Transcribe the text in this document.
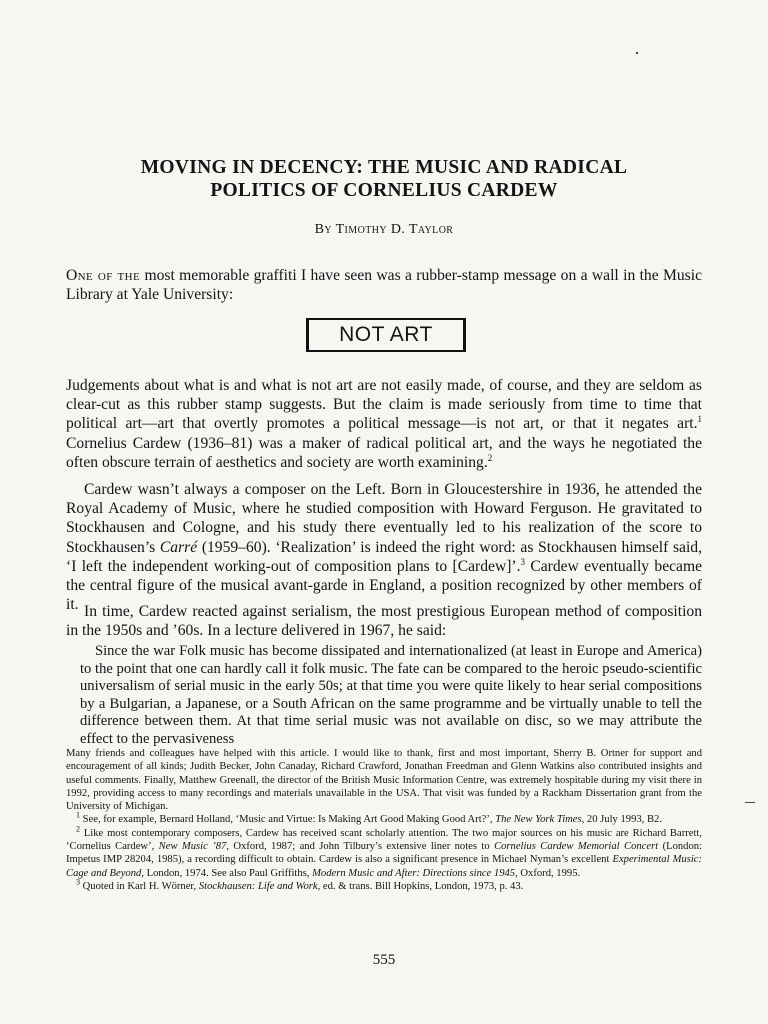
MOVING IN DECENCY: THE MUSIC AND RADICAL
POLITICS OF CORNELIUS CARDEW
By Timothy D. Taylor

One of the most memorable graffiti I have seen was a rubber-stamp message on a wall in the Music Library at Yale University:

NOT ART

Judgements about what is and what is not art are not easily made, of course, and they are seldom as clear-cut as this rubber stamp suggests. But the claim is made seriously from time to time that political art—art that overtly promotes a political message—is not art, or that it negates art.$^1$ Cornelius Cardew (1936–81) was a maker of radical political art, and the ways he negotiated the often obscure terrain of aesthetics and society are worth examining.$^2$

Cardew wasn’t always a composer on the Left. Born in Gloucestershire in 1936, he attended the Royal Academy of Music, where he studied composition with Howard Ferguson. He gravitated to Stockhausen and Cologne, and his study there eventually led to his realization of the score to Stockhausen’s Carré (1959–60). ‘Realization’ is indeed the right word: as Stockhausen himself said, ‘I left the independent working-out of composition plans to [Cardew]’.$^3$ Cardew eventually became the central figure of the musical avant-garde in England, a position recognized by other members of it. In time, Cardew reacted against serialism, the most prestigious European method of composition in the 1950s and ’60s. In a lecture delivered in 1967, he said:

Since the war Folk music has become dissipated and internationalized (at least in Europe and America) to the point that one can hardly call it folk music. The fate can be compared to the heroic pseudo-scientific universalism of serial music in the early 50s; at that time you were quite likely to hear serial compositions by a Bulgarian, a Japanese, or a South African on the same programme and be virtually unable to tell the difference between them. At that time serial music was not available on disc, so we may attribute the effect to the pervasiveness

Many friends and colleagues have helped with this article. I would like to thank, first and most important, Sherry B. Ortner for support and encouragement of all kinds; Judith Becker, John Canaday, Richard Crawford, Jonathan Freedman and Glenn Watkins also contributed insights and useful comments. Finally, Matthew Greenall, the director of the British Music Information Centre, was extremely hospitable during my visit there in 1992, providing access to many recordings and materials unavailable in the USA. That visit was funded by a Rackham Dissertation grant from the University of Michigan.

$^1$ See, for example, Bernard Holland, ‘Music and Virtue: Is Making Art Good Making Good Art?’, The New York Times, 20 July 1993, B2.

$^2$ Like most contemporary composers, Cardew has received scant scholarly attention. The two major sources on his music are Richard Barrett, ‘Cornelius Cardew’, New Music ’87, Oxford, 1987; and John Tilbury’s extensive liner notes to Cornelius Cardew Memorial Concert (London: Impetus IMP 28204, 1985), a recording difficult to obtain. Cardew is also a significant presence in Michael Nyman’s excellent Experimental Music: Cage and Beyond, London, 1974. See also Paul Griffiths, Modern Music and After: Directions since 1945, Oxford, 1995.

$^3$ Quoted in Karl H. Wörner, Stockhausen: Life and Work, ed. & trans. Bill Hopkins, London, 1973, p. 43.

555
